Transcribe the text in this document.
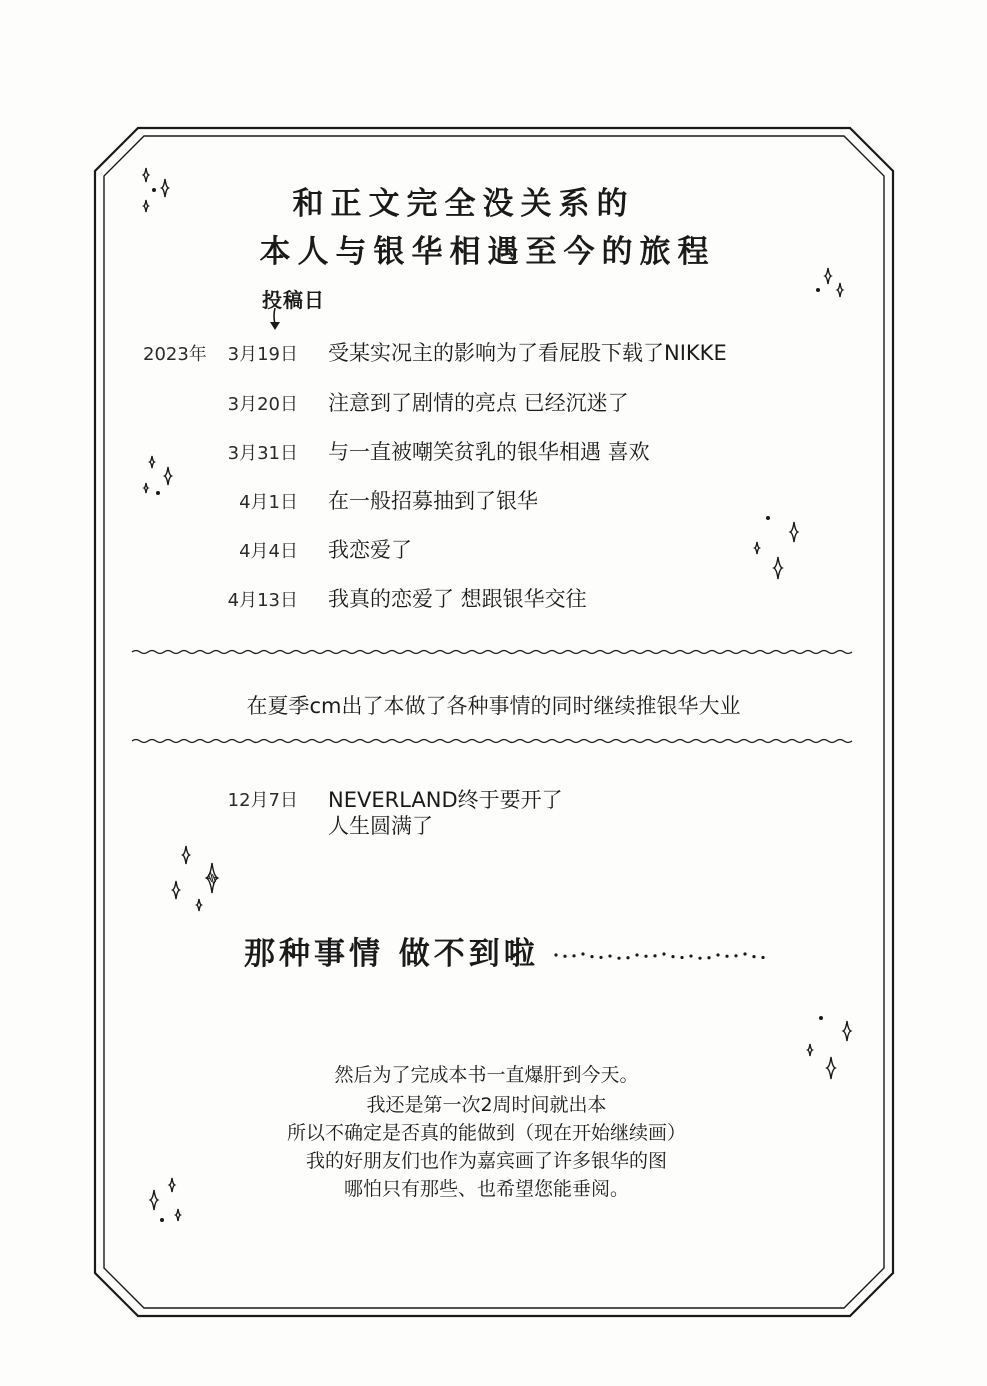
和正文完全没关系的
本人与银华相遇至今的旅程
投稿日
2023年	3月19日 受某实况主的影响为了看屁股下载了NIKKE
3月20日 注意到了剧情的亮点 已经沉迷了
3月31日 与一直被嘲笑贫乳的银华相遇 喜欢
4月1日 在一般招募抽到了银华
4月4日 我恋爱了
4月13日 我真的恋爱了 想跟银华交往
在夏季cm出了本做了各种事情的同时继续推银华大业
12月7日 NEVERLAND终于要开了
人生圆满了
那种事情 做不到啦
然后为了完成本书一直爆肝到今天。
我还是第一次2周时间就出本
所以不确定是否真的能做到（现在开始继续画）
我的好朋友们也作为嘉宾画了许多银华的图
哪怕只有那些、也希望您能垂阅。
